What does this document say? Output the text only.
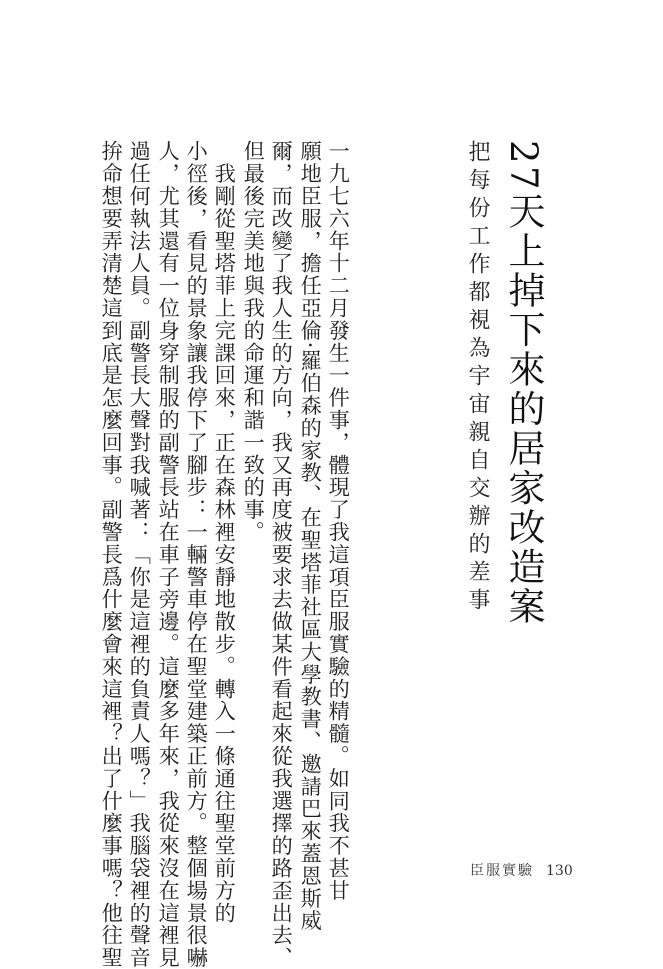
27天上掉下來的居家改造案
把每份工作都視為宇宙親自交辦的差事
一九七六年十二月發生一件事，體現了我這項臣服實驗的精髓。如同我不甚甘
願地臣服，擔任亞倫·羅伯森的家教、在聖塔菲社區大學教書、邀請巴來蓋恩斯威
爾，而改變了我人生的方向，我又再度被要求去做某件看起來從我選擇的路歪出去、
但最後完美地與我的命運和諧一致的事。
　我剛從聖塔菲上完課回來，正在森林裡安靜地散步。轉入一條通往聖堂前方的
小徑後，看見的景象讓我停下了腳步：一輛警車停在聖堂建築正前方。整個場景很嚇
人，尤其還有一位身穿制服的副警長站在車子旁邊。這麼多年來，我從來沒在這裡見
過任何執法人員。副警長大聲對我喊著：「你是這裡的負責人嗎？」我腦袋裡的聲音
拚命想要弄清楚這到底是怎麼回事。副警長爲什麼會來這裡？出了什麼事嗎？他往聖	臣服實驗 130
